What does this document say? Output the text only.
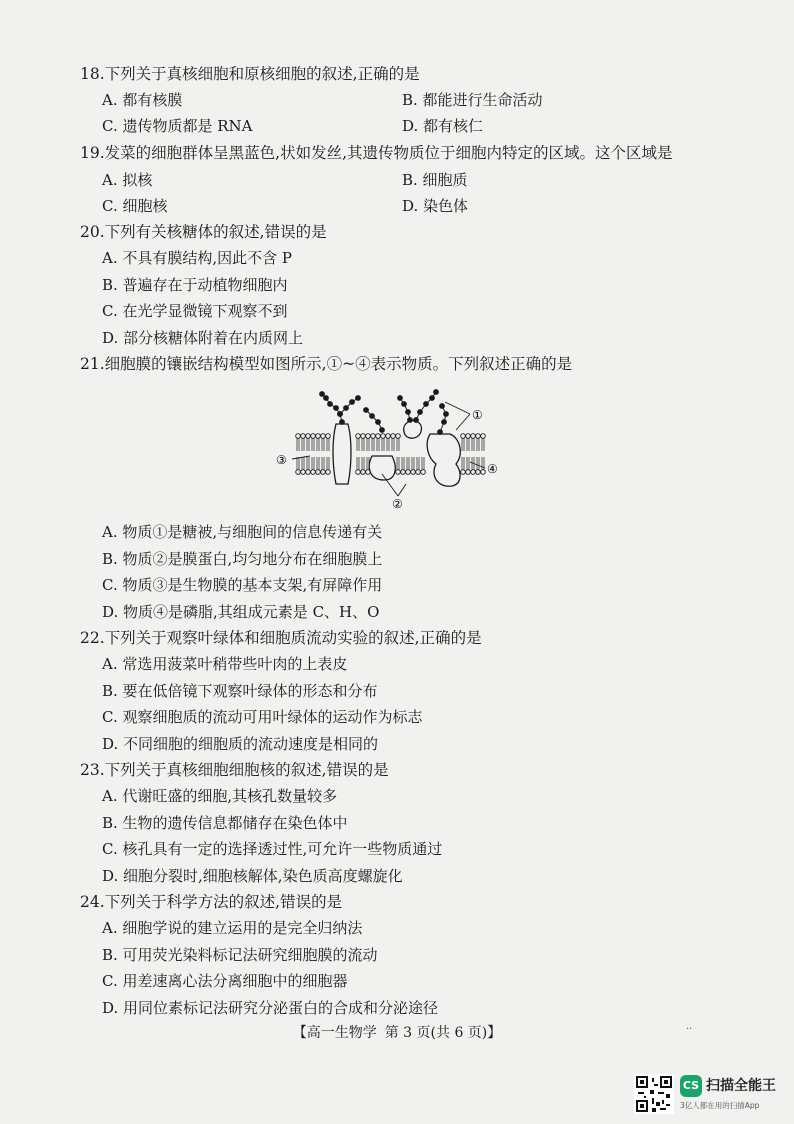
18.下列关于真核细胞和原核细胞的叙述,正确的是
A. 都有核膜	B. 都能进行生命活动
C. 遗传物质都是 RNA	D. 都有核仁
19.发菜的细胞群体呈黑蓝色,状如发丝,其遗传物质位于细胞内特定的区域。这个区域是
A. 拟核	B. 细胞质
C. 细胞核	D. 染色体
20.下列有关核糖体的叙述,错误的是
A. 不具有膜结构,因此不含 P
B. 普遍存在于动植物细胞内
C. 在光学显微镜下观察不到
D. 部分核糖体附着在内质网上
21.细胞膜的镶嵌结构模型如图所示,①~④表示物质。下列叙述正确的是
①
②
③
④
A. 物质①是糖被,与细胞间的信息传递有关
B. 物质②是膜蛋白,均匀地分布在细胞膜上
C. 物质③是生物膜的基本支架,有屏障作用
D. 物质④是磷脂,其组成元素是 C、H、O
22.下列关于观察叶绿体和细胞质流动实验的叙述,正确的是
A. 常选用菠菜叶稍带些叶肉的上表皮
B. 要在低倍镜下观察叶绿体的形态和分布
C. 观察细胞质的流动可用叶绿体的运动作为标志
D. 不同细胞的细胞质的流动速度是相同的
23.下列关于真核细胞细胞核的叙述,错误的是
A. 代谢旺盛的细胞,其核孔数量较多
B. 生物的遗传信息都储存在染色体中
C. 核孔具有一定的选择透过性,可允许一些物质通过
D. 细胞分裂时,细胞核解体,染色质高度螺旋化
24.下列关于科学方法的叙述,错误的是
A. 细胞学说的建立运用的是完全归纳法
B. 可用荧光染料标记法研究细胞膜的流动
C. 用差速离心法分离细胞中的细胞器
D. 用同位素标记法研究分泌蛋白的合成和分泌途径
【高一生物学 第 3 页(共 6 页)】	··
CS 扫描全能王
3亿人都在用的扫描App
